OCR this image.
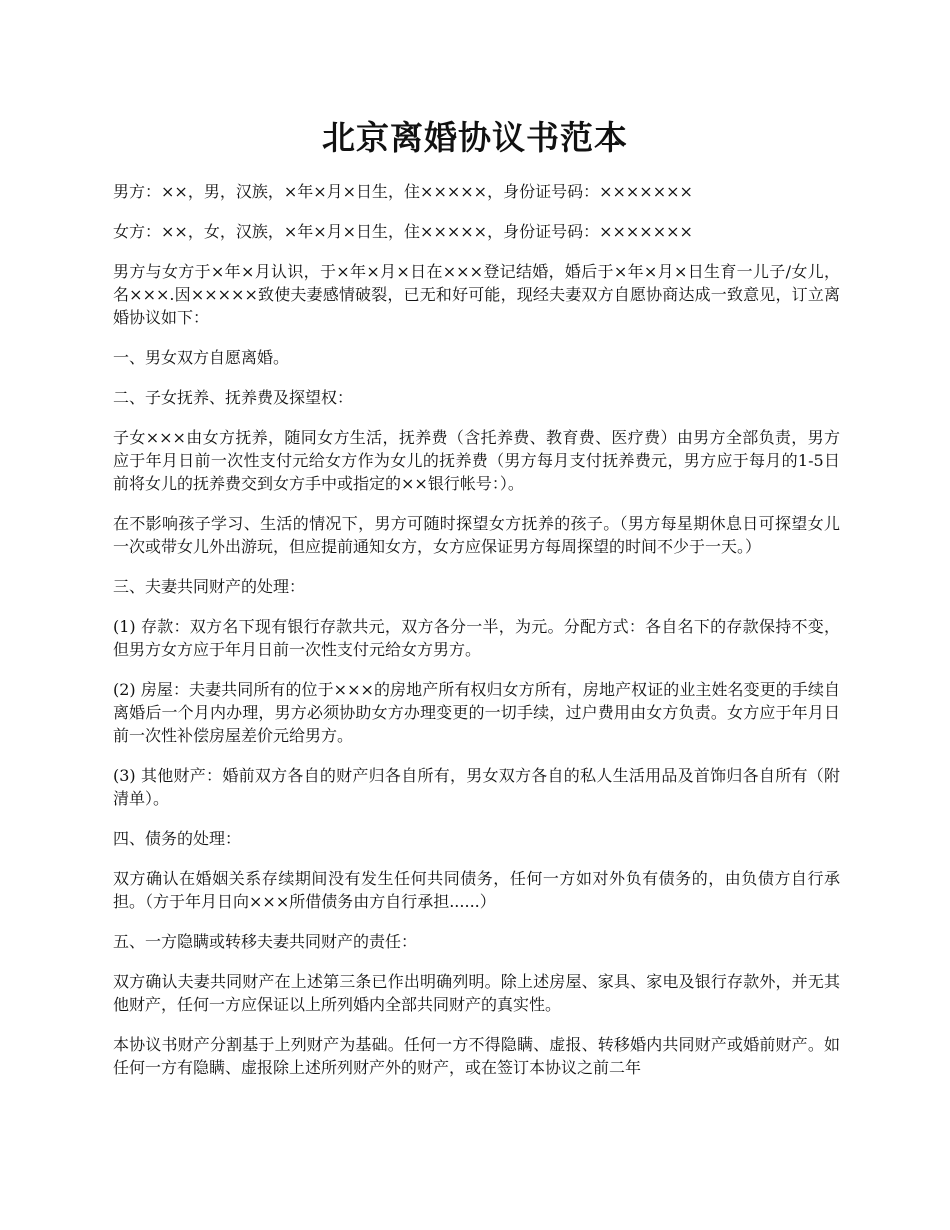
北京离婚协议书范本

男方：××，男，汉族，×年×月×日生，住×××××，身份证号码：×××××××

女方：××，女，汉族，×年×月×日生，住×××××，身份证号码：×××××××

男方与女方于×年×月认识，于×年×月×日在×××登记结婚，婚后于×年×月×日生育一儿子/女儿，名×××.因×××××致使夫妻感情破裂，已无和好可能，现经夫妻双方自愿协商达成一致意见，订立离婚协议如下：

一、男女双方自愿离婚。

二、子女抚养、抚养费及探望权：

子女×××由女方抚养，随同女方生活，抚养费（含托养费、教育费、医疗费）由男方全部负责，男方应于年月日前一次性支付元给女方作为女儿的抚养费（男方每月支付抚养费元，男方应于每月的1-5日前将女儿的抚养费交到女方手中或指定的××银行帐号：）。

在不影响孩子学习、生活的情况下，男方可随时探望女方抚养的孩子。（男方每星期休息日可探望女儿一次或带女儿外出游玩，但应提前通知女方，女方应保证男方每周探望的时间不少于一天。）

三、夫妻共同财产的处理：

(1) 存款：双方名下现有银行存款共元，双方各分一半，为元。分配方式：各自名下的存款保持不变，但男方女方应于年月日前一次性支付元给女方男方。

(2) 房屋：夫妻共同所有的位于×××的房地产所有权归女方所有，房地产权证的业主姓名变更的手续自离婚后一个月内办理，男方必须协助女方办理变更的一切手续，过户费用由女方负责。女方应于年月日前一次性补偿房屋差价元给男方。

(3) 其他财产：婚前双方各自的财产归各自所有，男女双方各自的私人生活用品及首饰归各自所有（附清单）。

四、债务的处理：

双方确认在婚姻关系存续期间没有发生任何共同债务，任何一方如对外负有债务的，由负债方自行承担。（方于年月日向×××所借债务由方自行承担......）

五、一方隐瞒或转移夫妻共同财产的责任：

双方确认夫妻共同财产在上述第三条已作出明确列明。除上述房屋、家具、家电及银行存款外，并无其他财产，任何一方应保证以上所列婚内全部共同财产的真实性。

本协议书财产分割基于上列财产为基础。任何一方不得隐瞒、虚报、转移婚内共同财产或婚前财产。如任何一方有隐瞒、虚报除上述所列财产外的财产，或在签订本协议之前二年
